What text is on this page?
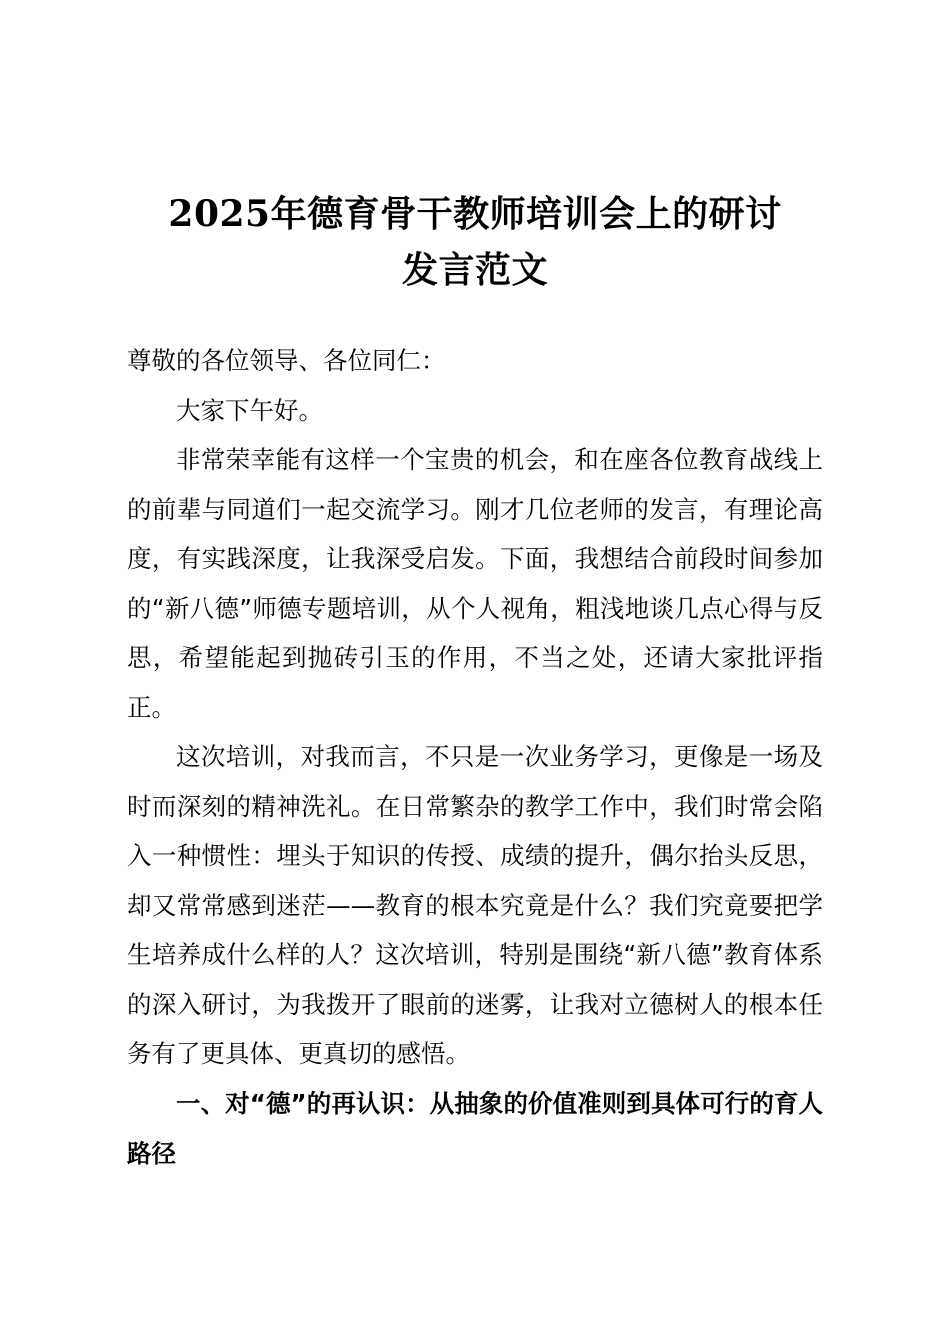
2025年德育骨干教师培训会上的研讨
发言范文

尊敬的各位领导、各位同仁：

大家下午好。

非常荣幸能有这样一个宝贵的机会，和在座各位教育战线上的前辈与同道们一起交流学习。刚才几位老师的发言，有理论高度，有实践深度，让我深受启发。下面，我想结合前段时间参加的“新八德”师德专题培训，从个人视角，粗浅地谈几点心得与反思，希望能起到抛砖引玉的作用，不当之处，还请大家批评指正。

这次培训，对我而言，不只是一次业务学习，更像是一场及时而深刻的精神洗礼。在日常繁杂的教学工作中，我们时常会陷入一种惯性：埋头于知识的传授、成绩的提升，偶尔抬头反思，却又常常感到迷茫——教育的根本究竟是什么？我们究竟要把学生培养成什么样的人？这次培训，特别是围绕“新八德”教育体系的深入研讨，为我拨开了眼前的迷雾，让我对立德树人的根本任务有了更具体、更真切的感悟。

一、对“德”的再认识：从抽象的价值准则到具体可行的育人路径
